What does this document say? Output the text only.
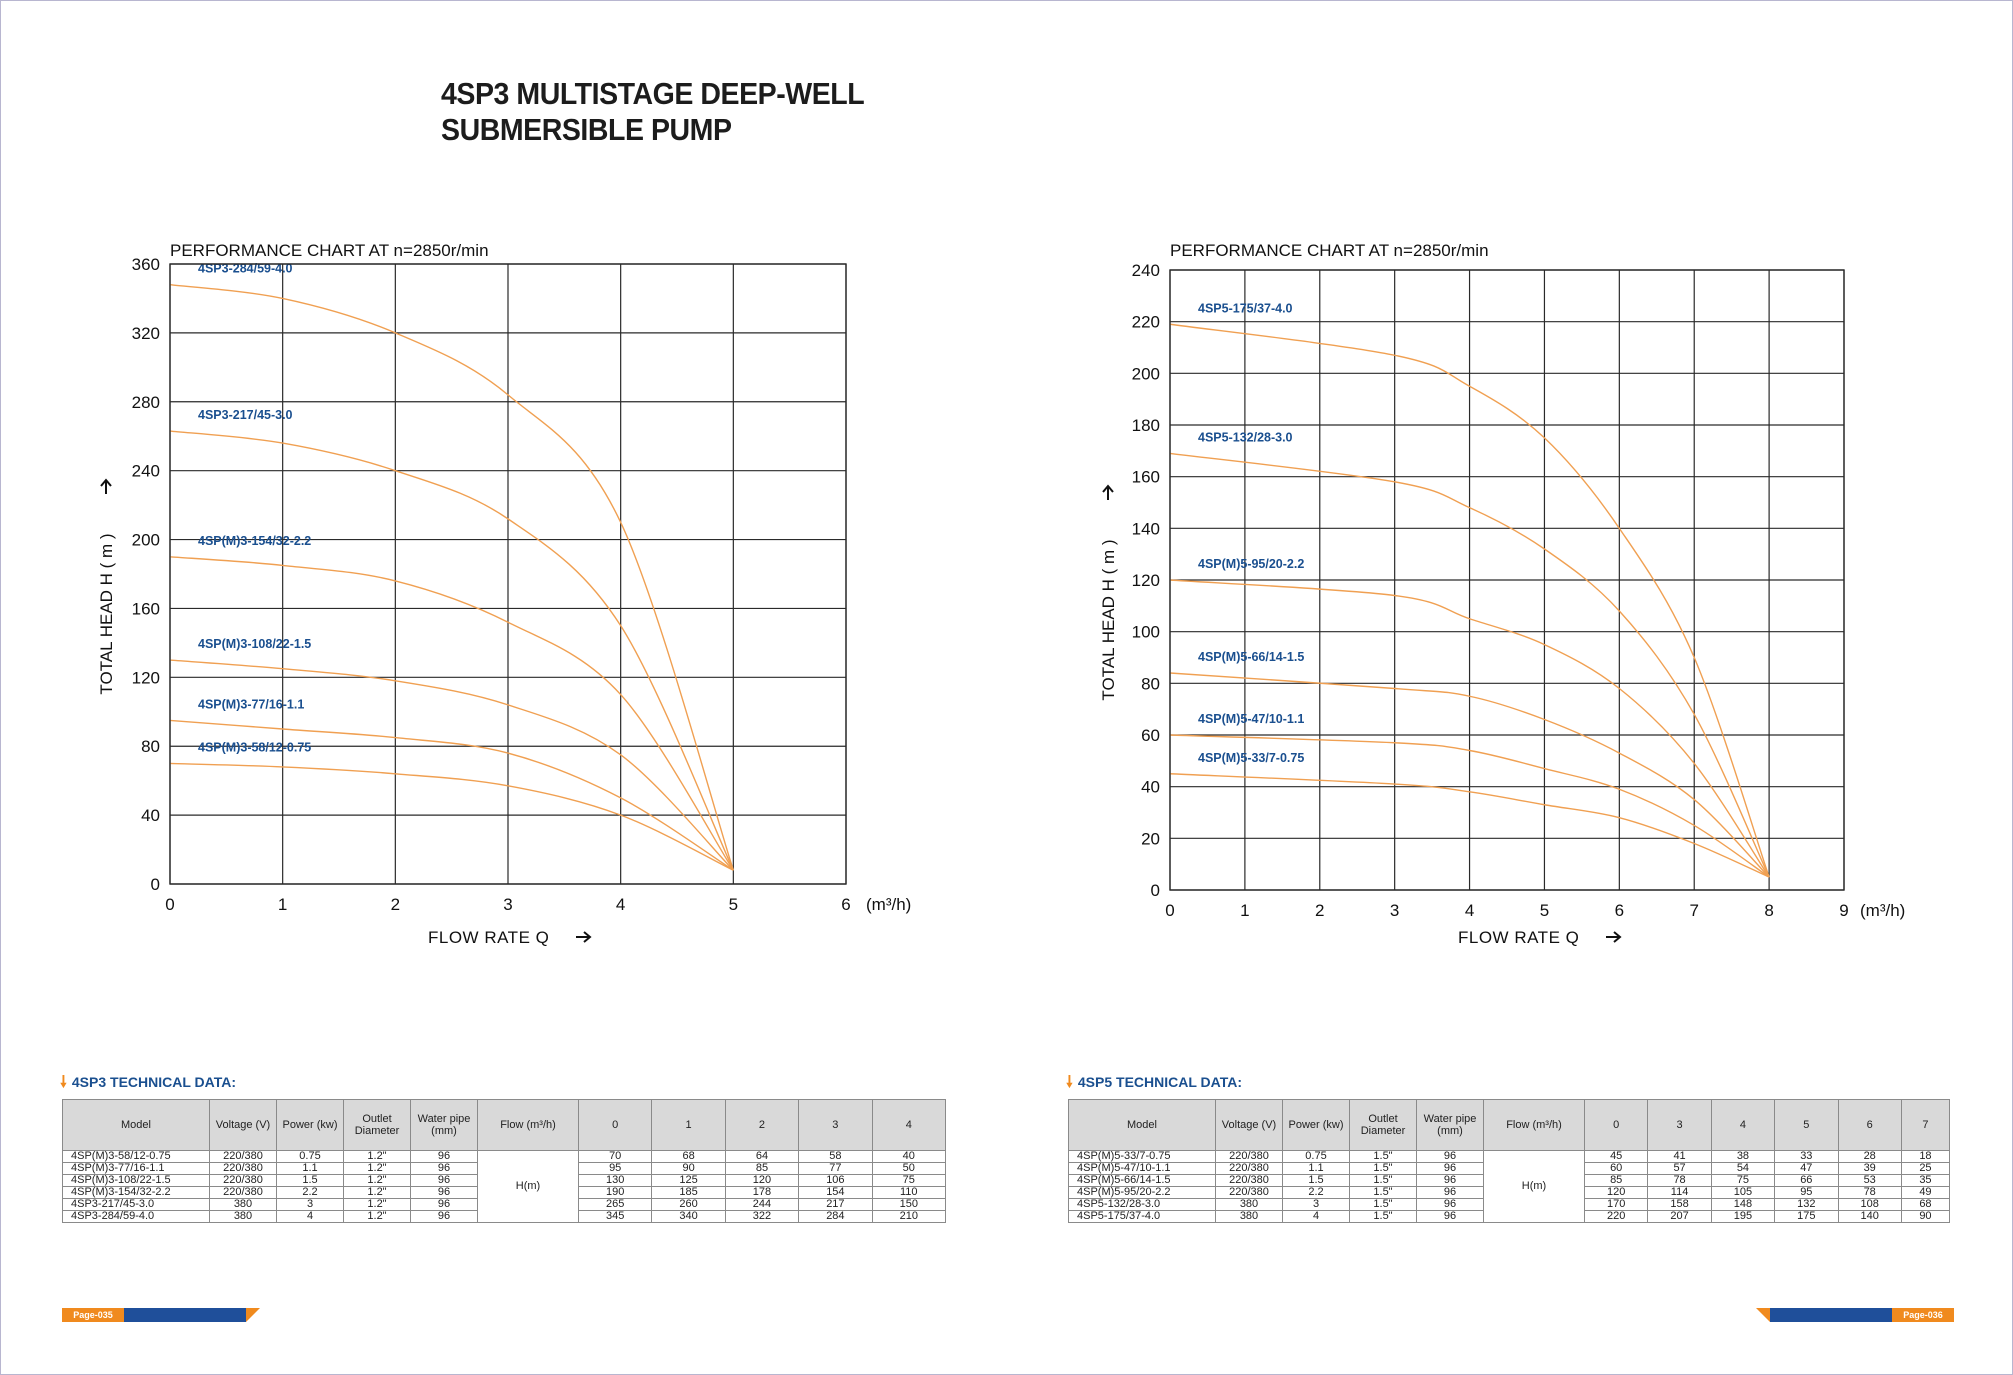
4SP3 MULTISTAGE DEEP-WELL
SUBMERSIBLE PUMP
0	1	2	3	4	5	6
0
40
80
120
160
200
240
280
320
360
PERFORMANCE CHART AT n=2850r/min
(m³/h)
FLOW RATE Q
TOTAL HEAD H ( m )
4SP3-284/59-4.0
4SP3-217/45-3.0
4SP(M)3-154/32-2.2
4SP(M)3-108/22-1.5
4SP(M)3-77/16-1.1
4SP(M)3-58/12-0.75
0	1	2	3	4	5	6	7	8	9
0
20
40
60
80
100
120
140
160
180
200
220
240
PERFORMANCE CHART AT n=2850r/min
(m³/h)
FLOW RATE Q
TOTAL HEAD H ( m )
4SP5-175/37-4.0
4SP5-132/28-3.0
4SP(M)5-95/20-2.2
4SP(M)5-66/14-1.5
4SP(M)5-47/10-1.1
4SP(M)5-33/7-0.75
🠗 4SP3 TECHNICAL DATA:	🠗 4SP5 TECHNICAL DATA:
Model	Voltage (V)	Power (kw)	Outlet Diameter	Water pipe (mm)	Flow (m³/h)	0	1	2	3	4
4SP(M)3-58/12-0.75	220/380	0.75	1.2"	96	H(m)	70	68	64	58	40
4SP(M)3-77/16-1.1	220/380	1.1	1.2"	96		95	90	85	77	50
4SP(M)3-108/22-1.5	220/380	1.5	1.2"	96		130	125	120	106	75
4SP(M)3-154/32-2.2	220/380	2.2	1.2"	96		190	185	178	154	110
4SP3-217/45-3.0	380	3	1.2"	96		265	260	244	217	150
4SP3-284/59-4.0	380	4	1.2"	96		345	340	322	284	210
Model	Voltage (V)	Power (kw)	Outlet Diameter	Water pipe (mm)	Flow (m³/h)	0	3	4	5	6	7
4SP(M)5-33/7-0.75	220/380	0.75	1.5"	96	H(m)	45	41	38	33	28	18
4SP(M)5-47/10-1.1	220/380	1.1	1.5"	96		60	57	54	47	39	25
4SP(M)5-66/14-1.5	220/380	1.5	1.5"	96		85	78	75	66	53	35
4SP(M)5-95/20-2.2	220/380	2.2	1.5"	96		120	114	105	95	78	49
4SP5-132/28-3.0	380	3	1.5"	96		170	158	148	132	108	68
4SP5-175/37-4.0	380	4	1.5"	96		220	207	195	175	140	90
Page-035	Page-036
